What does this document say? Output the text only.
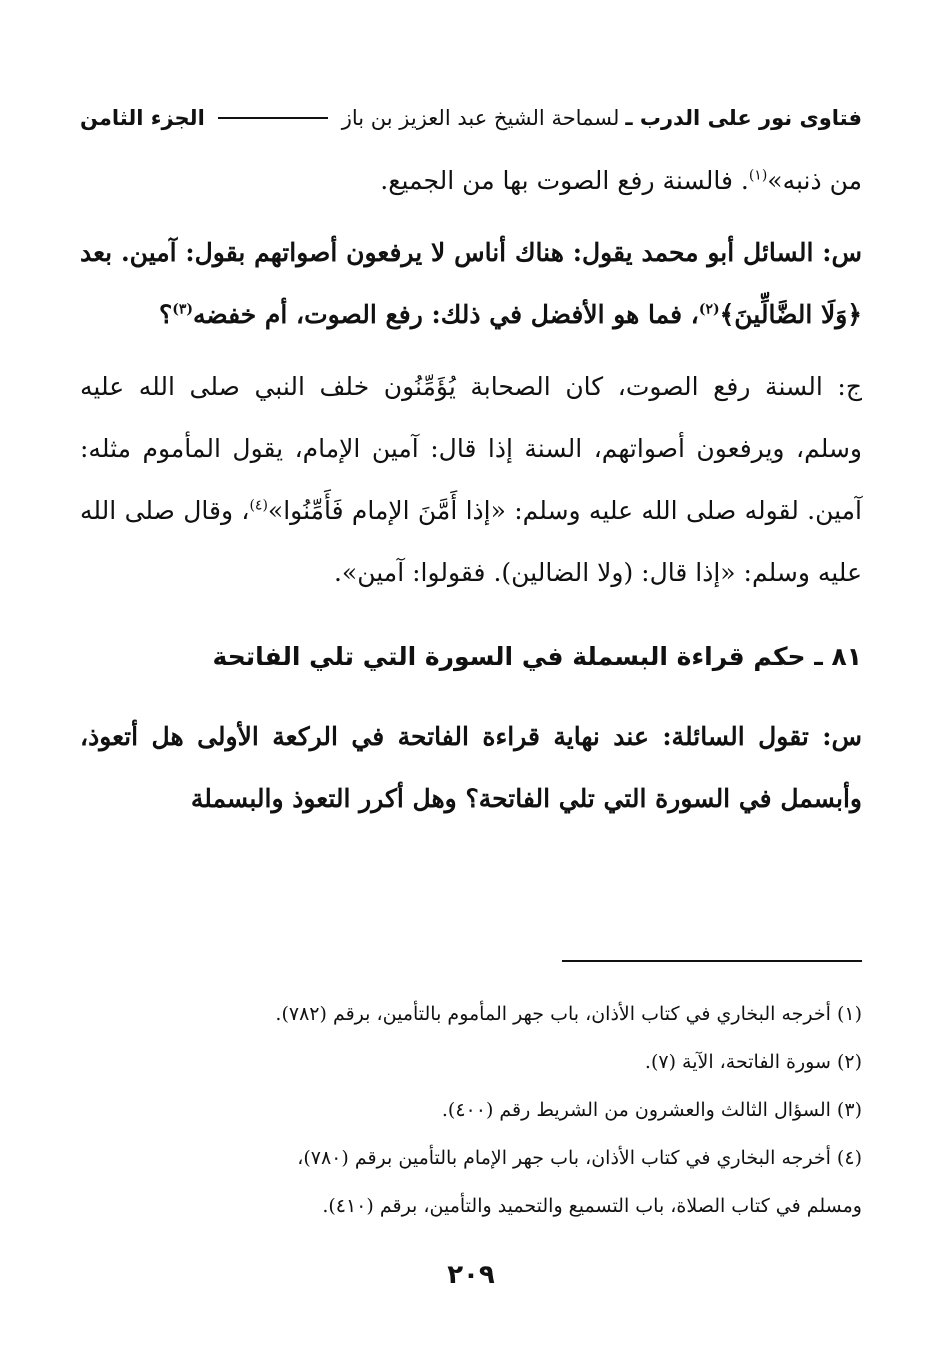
فتاوى نور على الدرب ـ
لسماحة الشيخ عبد العزيز بن باز
الجزء الثامن

من ذنبه»$^{(١)}$. فالسنة رفع الصوت بها من الجميع.

س: السائل أبو محمد يقول: هناك أناس لا يرفعون أصواتهم بقول: آمين. بعد ﴿وَلَا الضَّالِّينَ﴾$^{(٢)}$، فما هو الأفضل في ذلك: رفع الصوت، أم خفضه$^{(٣)}$؟

ج: السنة رفع الصوت، كان الصحابة يُؤَمِّنُون خلف النبي صلى الله عليه وسلم، ويرفعون أصواتهم، السنة إذا قال: آمين الإمام، يقول المأموم مثله: آمين. لقوله صلى الله عليه وسلم: «إذا أَمَّنَ الإمام فَأَمِّنُوا»$^{(٤)}$، وقال صلى الله عليه وسلم: «إذا قال: (ولا الضالين). فقولوا: آمين».

٨١ ـ حكم قراءة البسملة في السورة التي تلي الفاتحة

س: تقول السائلة: عند نهاية قراءة الفاتحة في الركعة الأولى هل أتعوذ، وأبسمل في السورة التي تلي الفاتحة؟ وهل أكرر التعوذ والبسملة

(١) أخرجه البخاري في كتاب الأذان، باب جهر المأموم بالتأمين، برقم (٧٨٢).

(٢) سورة الفاتحة، الآية (٧).

(٣) السؤال الثالث والعشرون من الشريط رقم (٤٠٠).

(٤) أخرجه البخاري في كتاب الأذان، باب جهر الإمام بالتأمين برقم (٧٨٠)،

ومسلم في كتاب الصلاة، باب التسميع والتحميد والتأمين، برقم (٤١٠).

٢٠٩
